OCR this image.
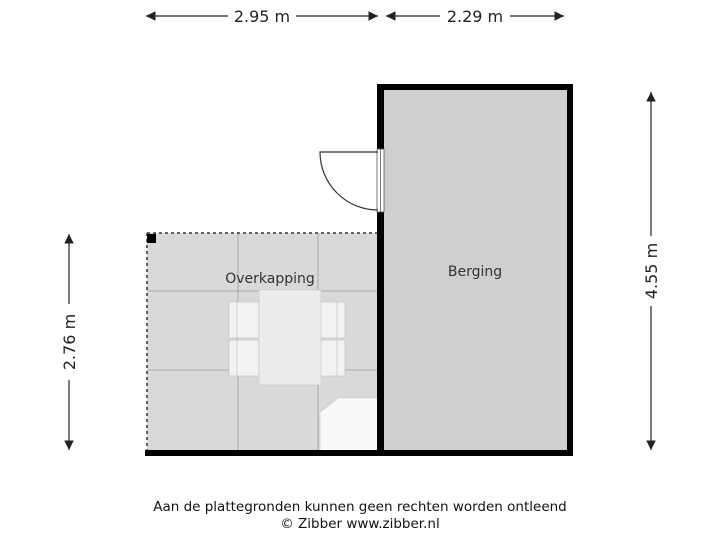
2.95 m	2.29 m
2.76 m
4.55 m
Overkapping	Berging
Aan de plattegronden kunnen geen rechten worden ontleend
© Zibber www.zibber.nl
